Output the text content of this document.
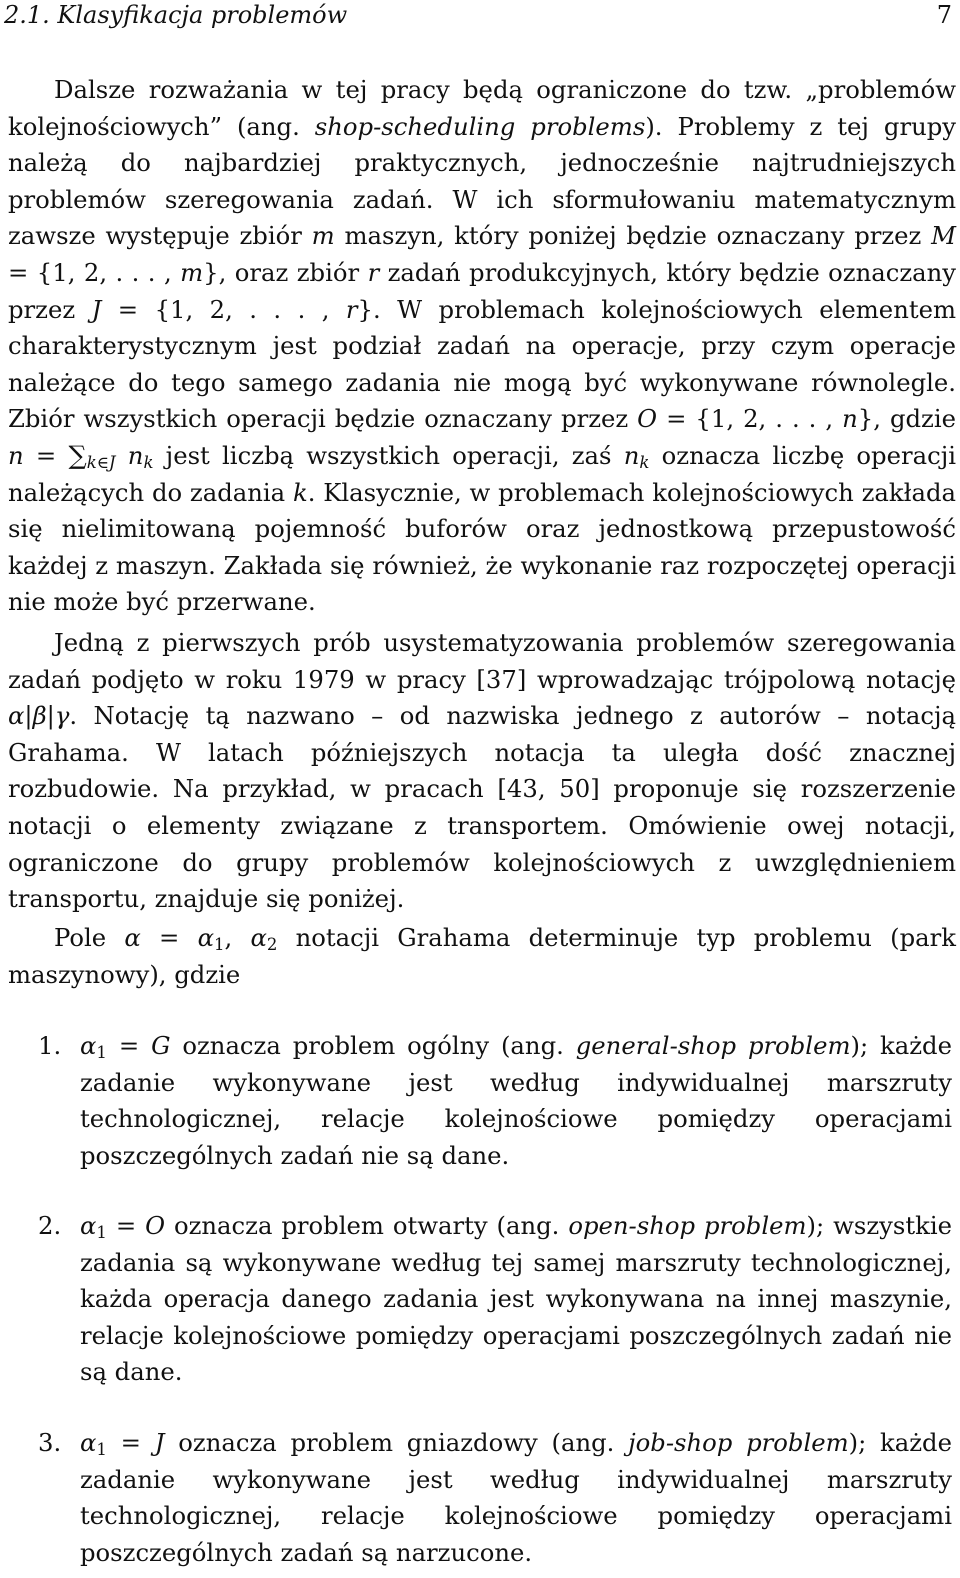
2.1. Klasyfikacja problemów	7

Dalsze rozważania w tej pracy będą ograniczone do tzw. „problemów kolejnościowych” (ang. shop-scheduling problems). Problemy z tej grupy należą do najbardziej praktycznych, jednocześnie najtrudniejszych problemów szeregowania zadań. W ich sformułowaniu matematycznym zawsze występuje zbiór m maszyn, który poniżej będzie oznaczany przez M = {1, 2, . . . , m}, oraz zbiór r zadań produkcyjnych, który będzie oznaczany przez J = {1, 2, . . . , r}. W problemach kolejnościowych elementem charakterystycznym jest podział zadań na operacje, przy czym operacje należące do tego samego zadania nie mogą być wykonywane równolegle. Zbiór wszystkich operacji będzie oznaczany przez O = {1, 2, . . . , n}, gdzie $n = \sum_{k\in J}$ $n_k$ jest liczbą wszystkich operacji, zaś $n_k$ oznacza liczbę operacji należących do zadania k. Klasycznie, w problemach kolejnościowych zakłada się nielimitowaną pojemność buforów oraz jednostkową przepustowość każdej z maszyn. Zakłada się również, że wykonanie raz rozpoczętej operacji nie może być przerwane.

Jedną z pierwszych prób usystematyzowania problemów szeregowania zadań podjęto w roku 1979 w pracy [37] wprowadzając trójpolową notację α|β|γ. Notację tą nazwano – od nazwiska jednego z autorów – notacją Grahama. W latach późniejszych notacja ta uległa dość znacznej rozbudowie. Na przykład, w pracach [43, 50] proponuje się rozszerzenie notacji o elementy związane z transportem. Omówienie owej notacji, ograniczone do grupy problemów kolejnościowych z uwzględnieniem transportu, znajduje się poniżej.

Pole $\alpha = \alpha_1$, $\alpha_2$ notacji Grahama determinuje typ problemu (park maszynowy), gdzie

1. $\alpha_1 = G$ oznacza problem ogólny (ang. general-shop problem); każde zadanie wykonywane jest według indywidualnej marszruty technologicznej, relacje kolejnościowe pomiędzy operacjami poszczególnych zadań nie są dane.
2. $\alpha_1 = O$ oznacza problem otwarty (ang. open-shop problem); wszystkie zadania są wykonywane według tej samej marszruty technologicznej, każda operacja danego zadania jest wykonywana na innej maszynie, relacje kolejnościowe pomiędzy operacjami poszczególnych zadań nie są dane.
3. $\alpha_1 = J$ oznacza problem gniazdowy (ang. job-shop problem); każde zadanie wykonywane jest według indywidualnej marszruty technologicznej, relacje kolejnościowe pomiędzy operacjami poszczególnych zadań są narzucone.
